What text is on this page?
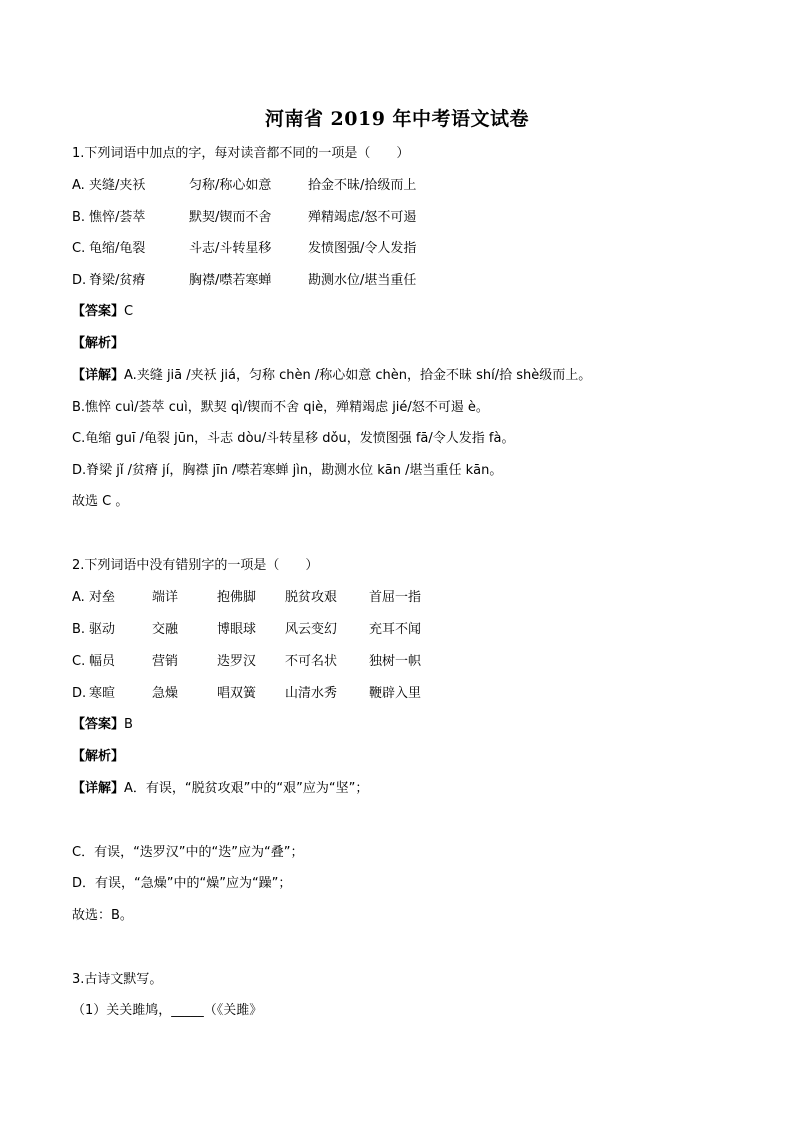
河南省 2019 年中考语文试卷
1.下列词语中加点的字，每对读音都不同的一项是（　　）
A. 夹缝/夹袄	匀称/称心如意	拾金不昧/拾级而上
B. 憔悴/荟萃	默契/锲而不舍	殚精竭虑/怒不可遏
C. 龟缩/龟裂	斗志/斗转星移	发愤图强/令人发指
D. 脊梁/贫瘠	胸襟/噤若寒蝉	勘测水位/堪当重任
【答案】C
【解析】
【详解】A.夹缝 jiā /夹袄 jiá，匀称 chèn /称心如意 chèn，拾金不昧 shí/拾 shè级而上。
B.憔悴 cuì/荟萃 cuì，默契 qì/锲而不舍 qiè，殚精竭虑 jié/怒不可遏 è。
C.龟缩 guī /龟裂 jūn，斗志 dòu/斗转星移 dǒu，发愤图强 fā/令人发指 fà。
D.脊梁 jǐ /贫瘠 jí，胸襟 jīn /噤若寒蝉 jìn，勘测水位 kān /堪当重任 kān。
故选 C 。
2.下列词语中没有错别字的一项是（　　）
A. 对垒	端详	抱佛脚 脱贫攻艰 首屈一指
B. 驱动	交融	博眼球 风云变幻 充耳不闻
C. 幅员	营销	迭罗汉 不可名状 独树一帜
D. 寒暄	急燥	唱双簧 山清水秀 鞭辟入里
【答案】B
【解析】
【详解】A．有误，“脱贫攻艰”中的“艰”应为“坚”；
C．有误，“迭罗汉”中的“迭”应为“叠”；
D．有误，“急燥”中的“燥”应为“躁”；
故选：B。
3.古诗文默写。
（1）关关雎鸠，_____（《关雎》
